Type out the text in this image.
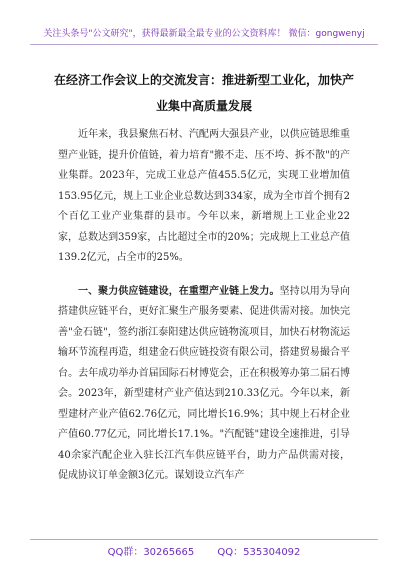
关注头条号"公文研究"，获得最新最全最专业的公文资料库！ 微信：gongwenyj
在经济工作会议上的交流发言：推进新型工业化，加快产
业集中高质量发展

近年来，我县聚焦石材、汽配两大强县产业，以供应链思维重塑产业链，提升价值链，着力培育"搬不走、压不垮、拆不散"的产业集群。2023年，完成工业总产值455.5亿元，实现工业增加值153.95亿元，规上工业企业总数达到334家，成为全市首个拥有2个百亿工业产业集群的县市。今年以来，新增规上工业企业22家，总数达到359家，占比超过全市的20%；完成规上工业总产值139.2亿元，占全市的25%。

一、聚力供应链建设，在重塑产业链上发力。坚持以用为导向搭建供应链平台，更好汇聚生产服务要素、促进供需对接。加快完善"金石链"，签约浙江泰阳建达供应链物流项目，加快石材物流运输环节流程再造，组建金石供应链投资有限公司，搭建贸易撮合平台。去年成功举办首届国际石材博览会，正在积极筹办第二届石博会。2023年，新型建材产业产值达到210.33亿元。今年以来，新型建材产业产值62.76亿元，同比增长16.9%；其中规上石材企业产值60.77亿元，同比增长17.1%。"汽配链"建设全速推进，引导40余家汽配企业入驻长江汽车供应链平台，助力产品供需对接，促成协议订单金额3亿元。谋划设立汽车产

QQ群：30265665 QQ：535304092
